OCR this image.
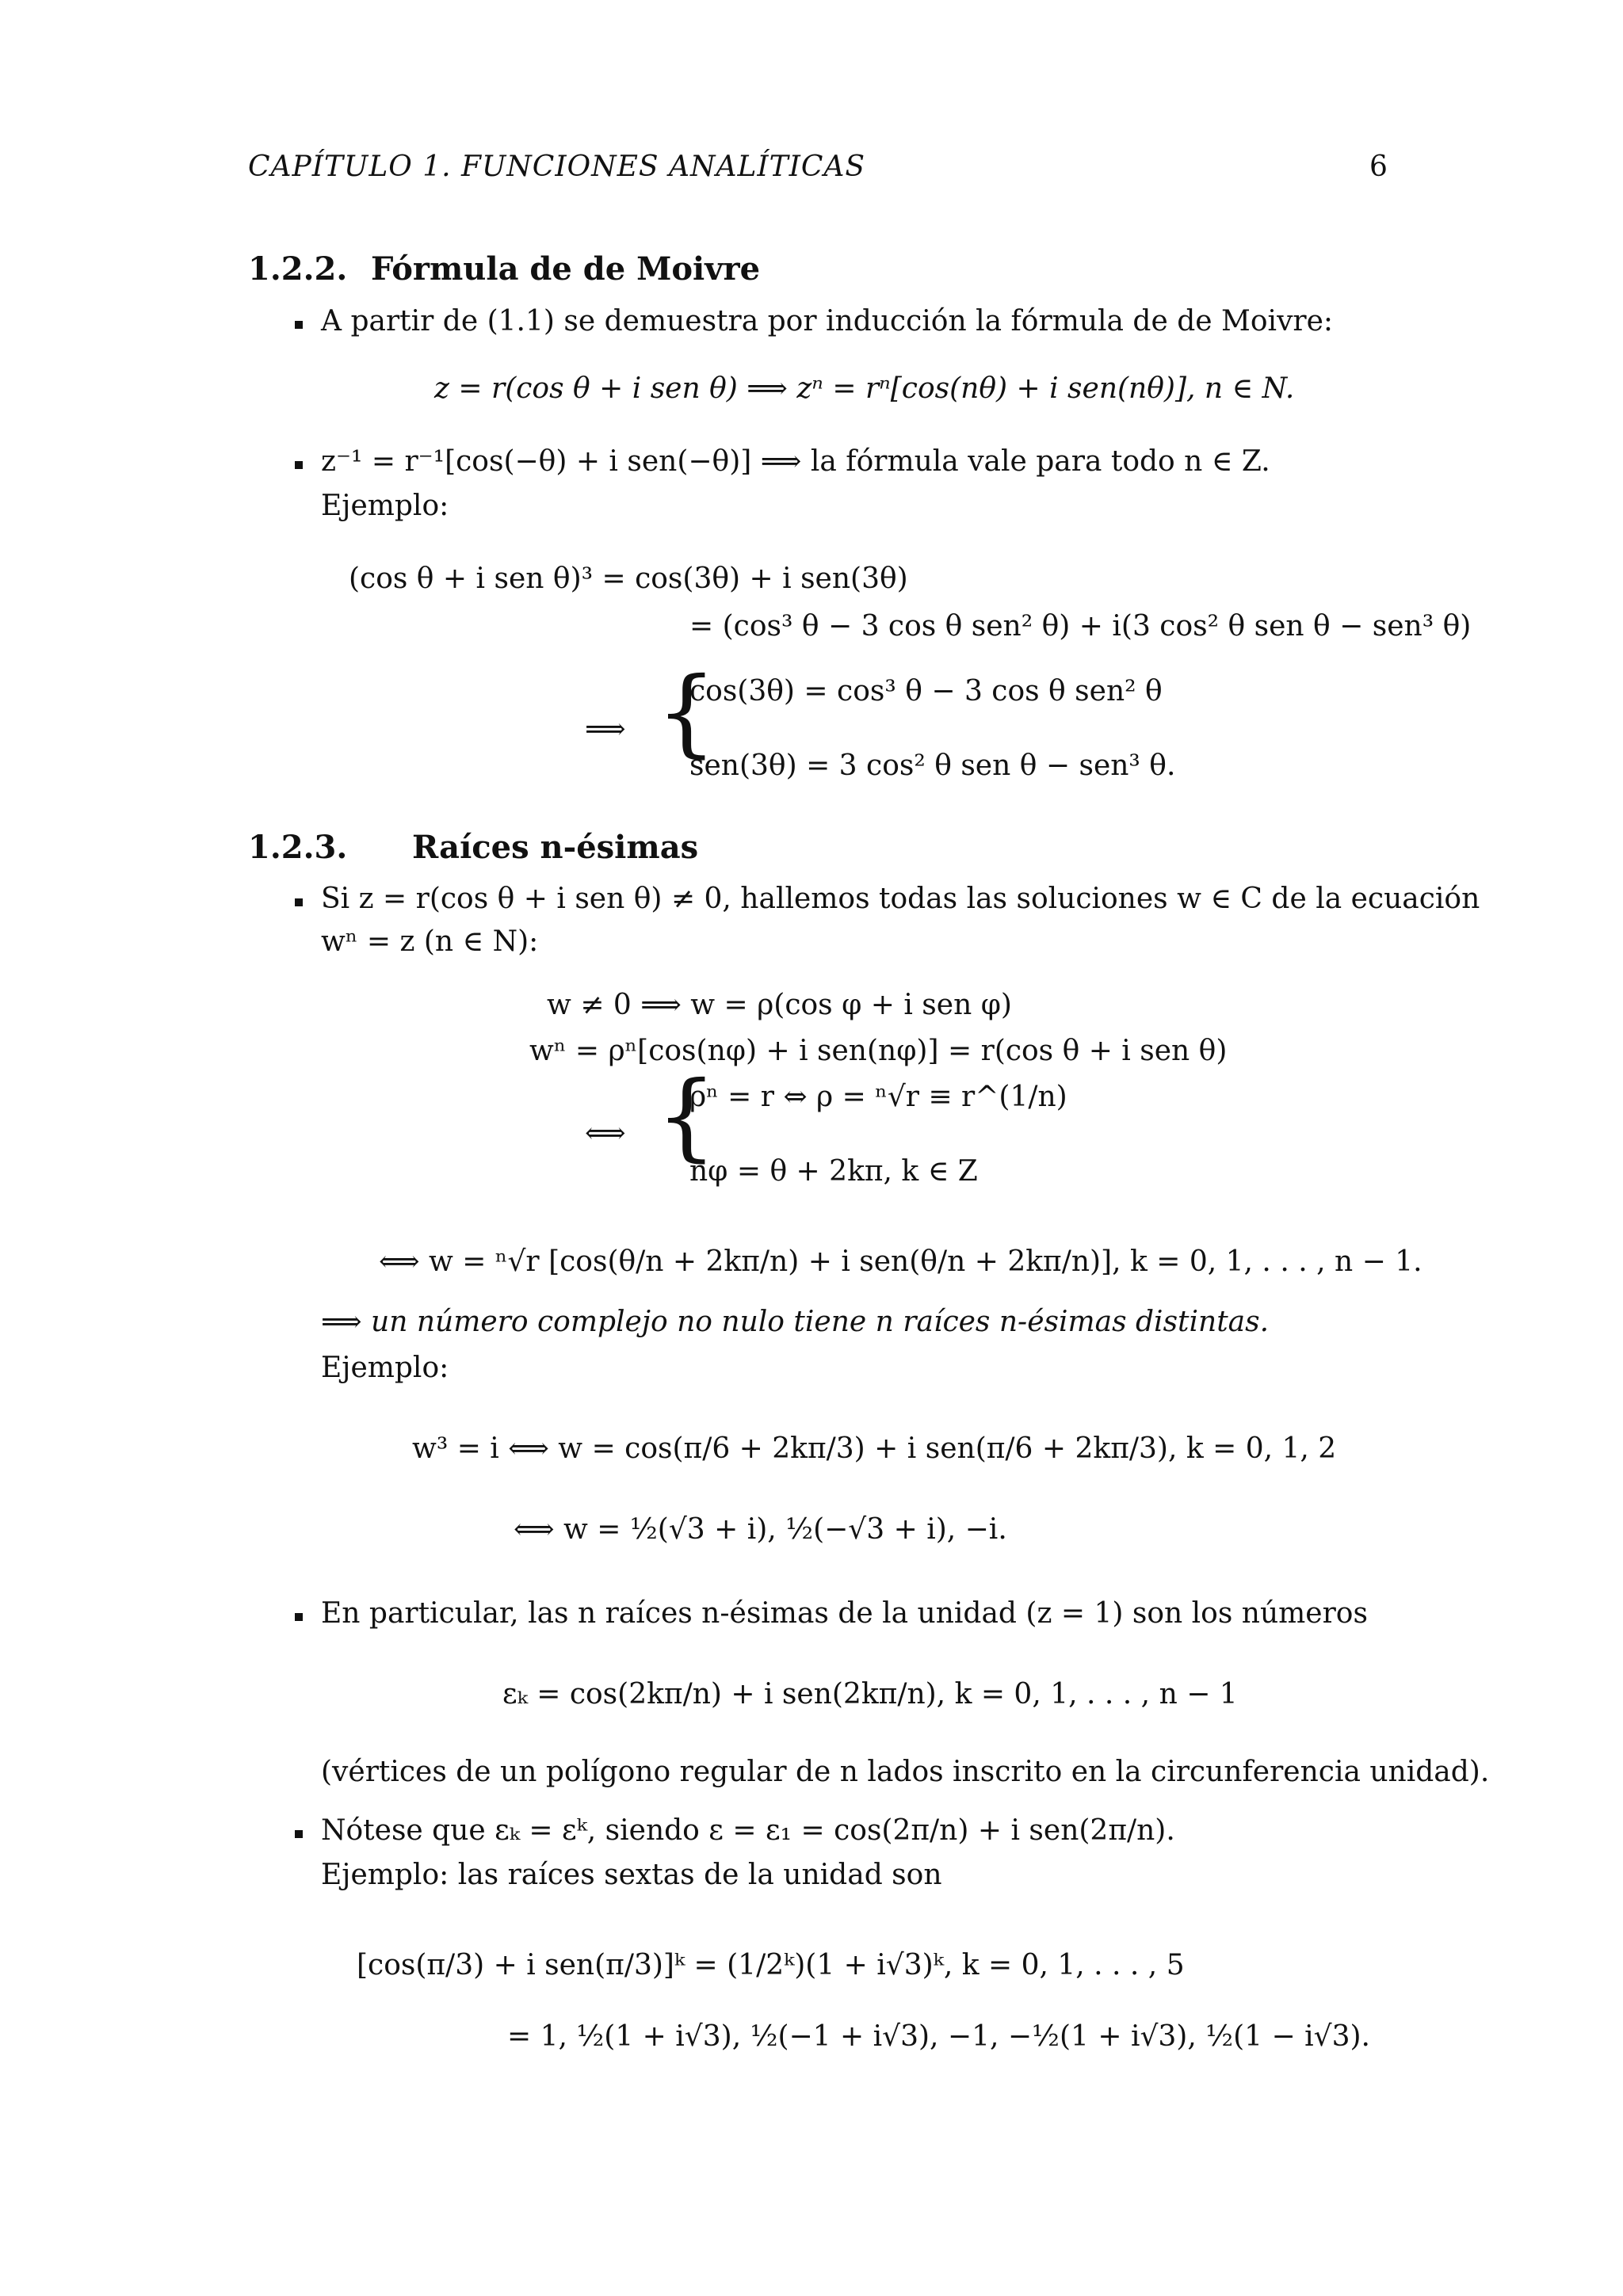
CAPÍTULO 1. FUNCIONES ANALÍTICAS	6
1.2.2. Fórmula de de Moivre
A partir de (1.1) se demuestra por inducción la fórmula de de Moivre:
z = r(cos θ + i sen θ) ⟹ zⁿ = rⁿ[cos(nθ) + i sen(nθ)], n ∈ N.
z⁻¹ = r⁻¹[cos(−θ) + i sen(−θ)] ⟹ la fórmula vale para todo n ∈ Z.
Ejemplo:
(cos θ + i sen θ)³ = cos(3θ) + i sen(3θ)
= (cos³ θ − 3 cos θ sen² θ) + i(3 cos² θ sen θ − sen³ θ)
⟹ {
cos(3θ) = cos³ θ − 3 cos θ sen² θ
sen(3θ) = 3 cos² θ sen θ − sen³ θ.
1.2.3. Raíces n-ésimas
Si z = r(cos θ + i sen θ) ≠ 0, hallemos todas las soluciones w ∈ C de la ecuación
wⁿ = z (n ∈ N):
w ≠ 0 ⟹ w = ρ(cos φ + i sen φ)
wⁿ = ρⁿ[cos(nφ) + i sen(nφ)] = r(cos θ + i sen θ)
⟺ {
ρⁿ = r ⇔ ρ = ⁿ√r ≡ r^(1/n)
nφ = θ + 2kπ, k ∈ Z
⟺ w = ⁿ√r [cos(θ/n + 2kπ/n) + i sen(θ/n + 2kπ/n)], k = 0, 1, . . . , n − 1.
⟹ un número complejo no nulo tiene n raíces n-ésimas distintas.
Ejemplo:
w³ = i ⟺ w = cos(π/6 + 2kπ/3) + i sen(π/6 + 2kπ/3), k = 0, 1, 2
⟺ w = ½(√3 + i), ½(−√3 + i), −i.
En particular, las n raíces n-ésimas de la unidad (z = 1) son los números
εₖ = cos(2kπ/n) + i sen(2kπ/n), k = 0, 1, . . . , n − 1
(vértices de un polígono regular de n lados inscrito en la circunferencia unidad).
Nótese que εₖ = εᵏ, siendo ε = ε₁ = cos(2π/n) + i sen(2π/n).
Ejemplo: las raíces sextas de la unidad son
[cos(π/3) + i sen(π/3)]ᵏ = (1/2ᵏ)(1 + i√3)ᵏ, k = 0, 1, . . . , 5
= 1, ½(1 + i√3), ½(−1 + i√3), −1, −½(1 + i√3), ½(1 − i√3).
